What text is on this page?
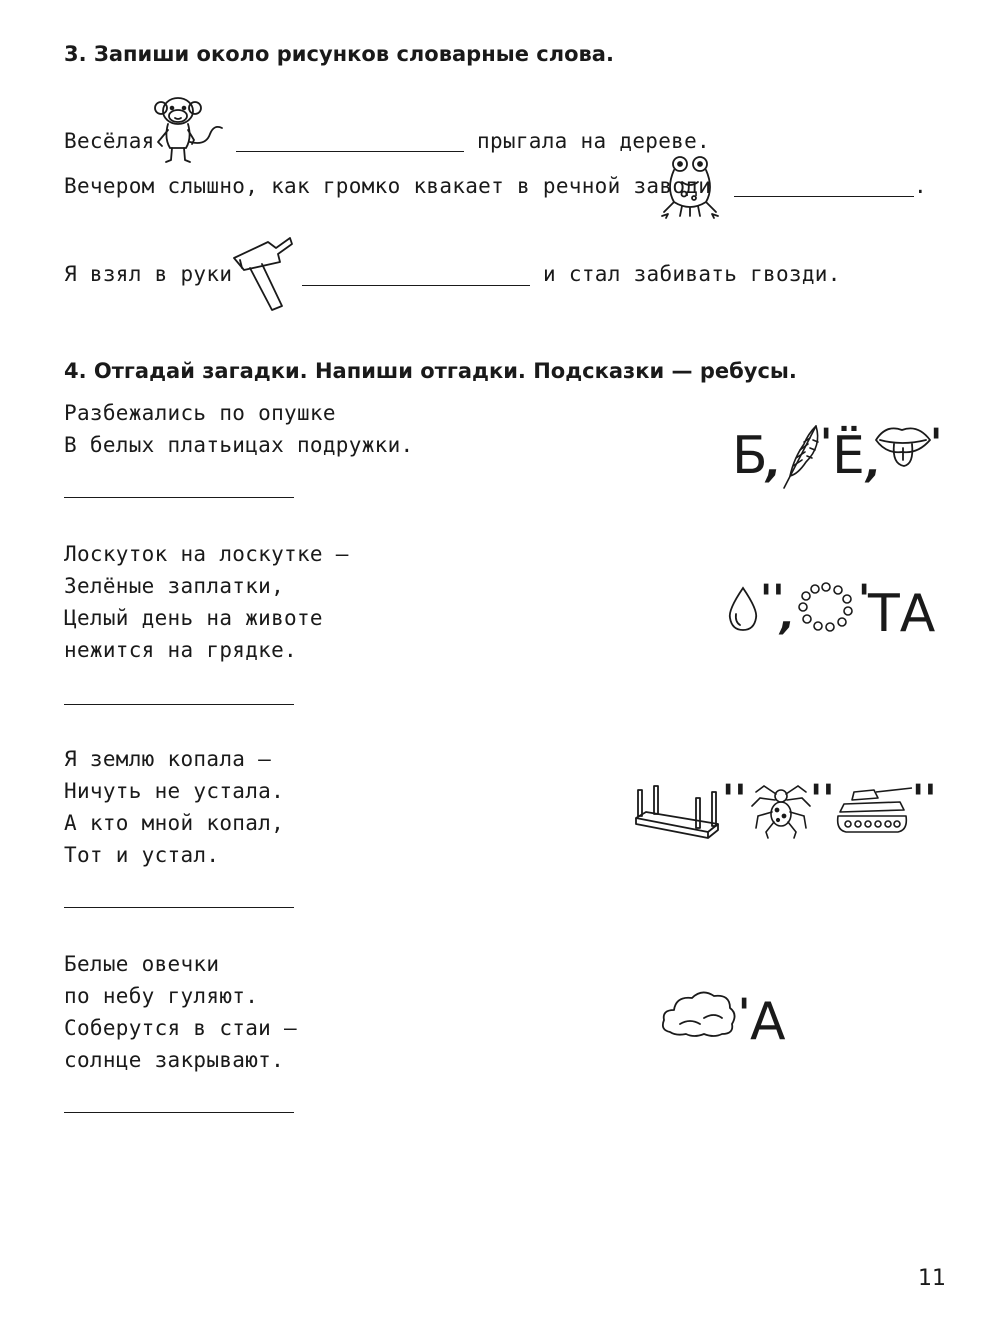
3. Запиши около рисунков словарные слова.
Весёлая	прыгала на дереве.
Вечером слышно, как громко квакает в речной заводи	.
Я взял в руки	и стал забивать гвозди.
4. Отгадай загадки. Напиши отгадки. Подсказки — ребусы.
Разбежались по опушке
В белых платьицах подружки.	Б
, ' Ё , '
Лоскуток на лоскутке —
Зелёные заплатки,
Целый день на животе
нежится на грядке.
''
, '
ТА
Я землю копала —
Ничуть не устала.
А кто мной копал,
Тот и устал.
'' '' ''
Белые овечки
по небу гуляют.
Соберутся в стаи —
солнце закрывают.
' А
11
